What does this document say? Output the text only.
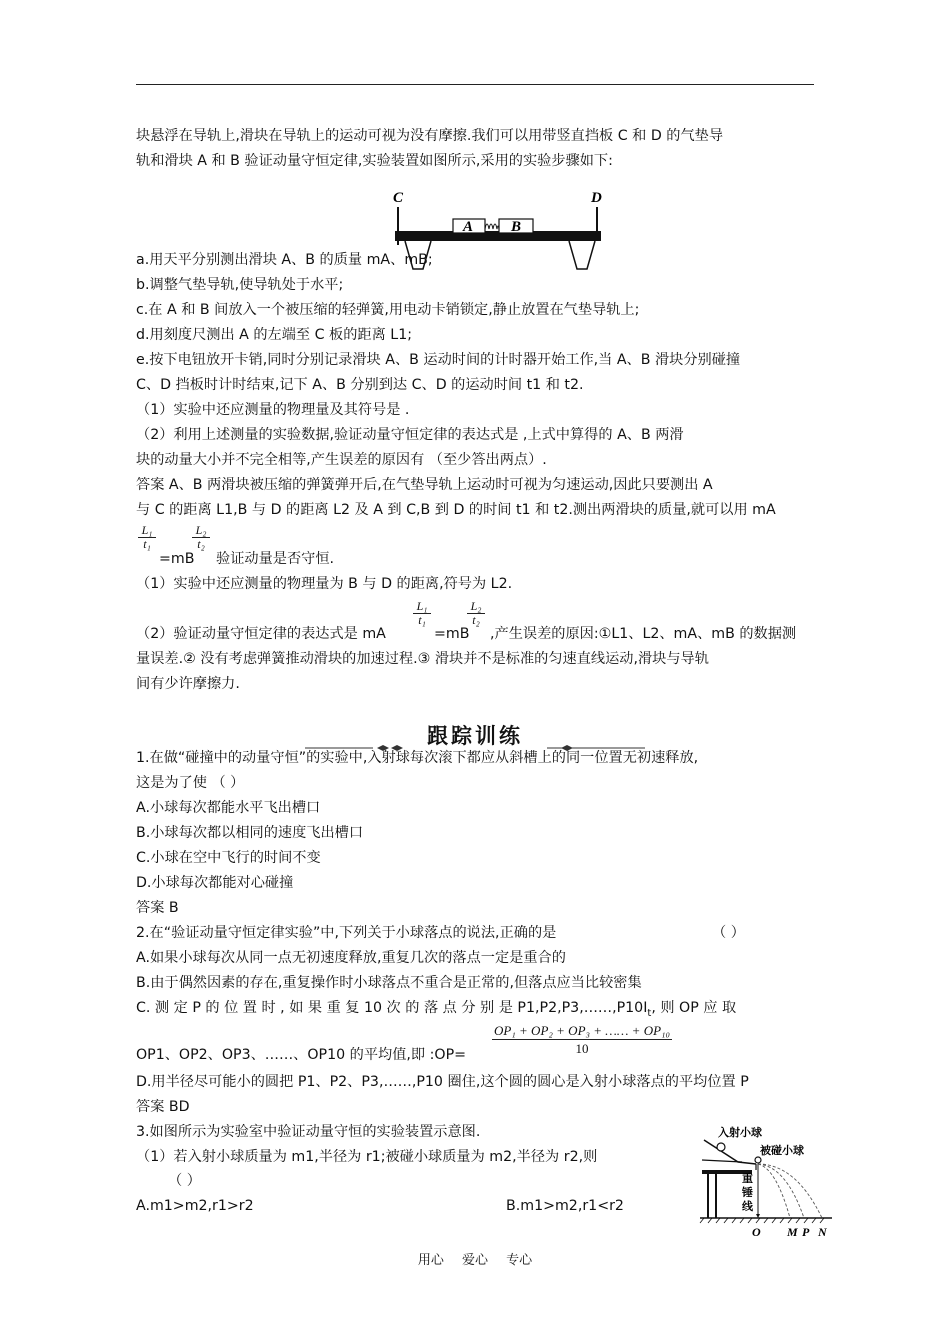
块悬浮在导轨上,滑块在导轨上的运动可视为没有摩擦.我们可以用带竖直挡板 C 和 D 的气垫导
轨和滑块 A 和 B 验证动量守恒定律,实验装置如图所示,采用的实验步骤如下:
C	D
A	B
a.用天平分别测出滑块 A、B 的质量 mA、mB;
b.调整气垫导轨,使导轨处于水平;
c.在 A 和 B 间放入一个被压缩的轻弹簧,用电动卡销锁定,静止放置在气垫导轨上;
d.用刻度尺测出 A 的左端至 C 板的距离 L1;
e.按下电钮放开卡销,同时分别记录滑块 A、B 运动时间的计时器开始工作,当 A、B 滑块分别碰撞
C、D 挡板时计时结束,记下 A、B 分别到达 C、D 的运动时间 t1 和 t2.
（1）实验中还应测量的物理量及其符号是 .
（2）利用上述测量的实验数据,验证动量守恒定律的表达式是 ,上式中算得的 A、B 两滑
块的动量大小并不完全相等,产生误差的原因有 （至少答出两点）.
答案 A、B 两滑块被压缩的弹簧弹开后,在气垫导轨上运动时可视为匀速运动,因此只要测出 A
与 C 的距离 L1,B 与 D 的距离 L2 及 A 到 C,B 到 D 的时间 t1 和 t2.测出两滑块的质量,就可以用 mA
$\frac{\text{L₁}}{\text{t₁}}$
=mB
$\frac{\text{L₂}}{\text{t₂}}$
验证动量是否守恒.
（1）实验中还应测量的物理量为 B 与 D 的距离,符号为 L2.
（2）验证动量守恒定律的表达式是 mA
$\frac{\text{L₁}}{\text{t₁}}$
=mB
$\frac{\text{L₂}}{\text{t₂}}$
,产生误差的原因:①L1、L2、mA、mB 的数据测
量误差.② 没有考虑弹簧推动滑块的加速过程.③ 滑块并不是标准的匀速直线运动,滑块与导轨
间有少许摩擦力.
跟踪训练
1.在做“碰撞中的动量守恒”的实验中,入射球每次滚下都应从斜槽上的同一位置无初速释放,
这是为了使 （ ）
A.小球每次都能水平飞出槽口
B.小球每次都以相同的速度飞出槽口
C.小球在空中飞行的时间不变
D.小球每次都能对心碰撞
答案 B
2.在“验证动量守恒定律实验”中,下列关于小球落点的说法,正确的是	（ ）
A.如果小球每次从同一点无初速度释放,重复几次的落点一定是重合的
B.由于偶然因素的存在,重复操作时小球落点不重合是正常的,但落点应当比较密集
C. 测 定 P 的 位 置 时 , 如 果 重 复 10 次 的 落 点 分 别 是 $P1,P2,P3,\dots\dots,P10I_t$, 则 OP 应 取
OP1、OP2、OP3、……、OP10 的平均值,即 :OP= $\frac{\text{OP₁ + OP₂ + OP₃ + …… + OP₁₀}}{10}$
D.用半径尽可能小的圆把 P1、P2、P3,……,P10 圈住,这个圆的圆心是入射小球落点的平均位置 P
答案 BD
3.如图所示为实验室中验证动量守恒的实验装置示意图.
（1）若入射小球质量为 m1,半径为 r1;被碰小球质量为 m2,半径为 r2,则
（ ）
A.m1>m2,r1>r2	B.m1>m2,r1<r2
入射小球
被碰小球
重
锤
线
O M P N
用心 爱心 专心
